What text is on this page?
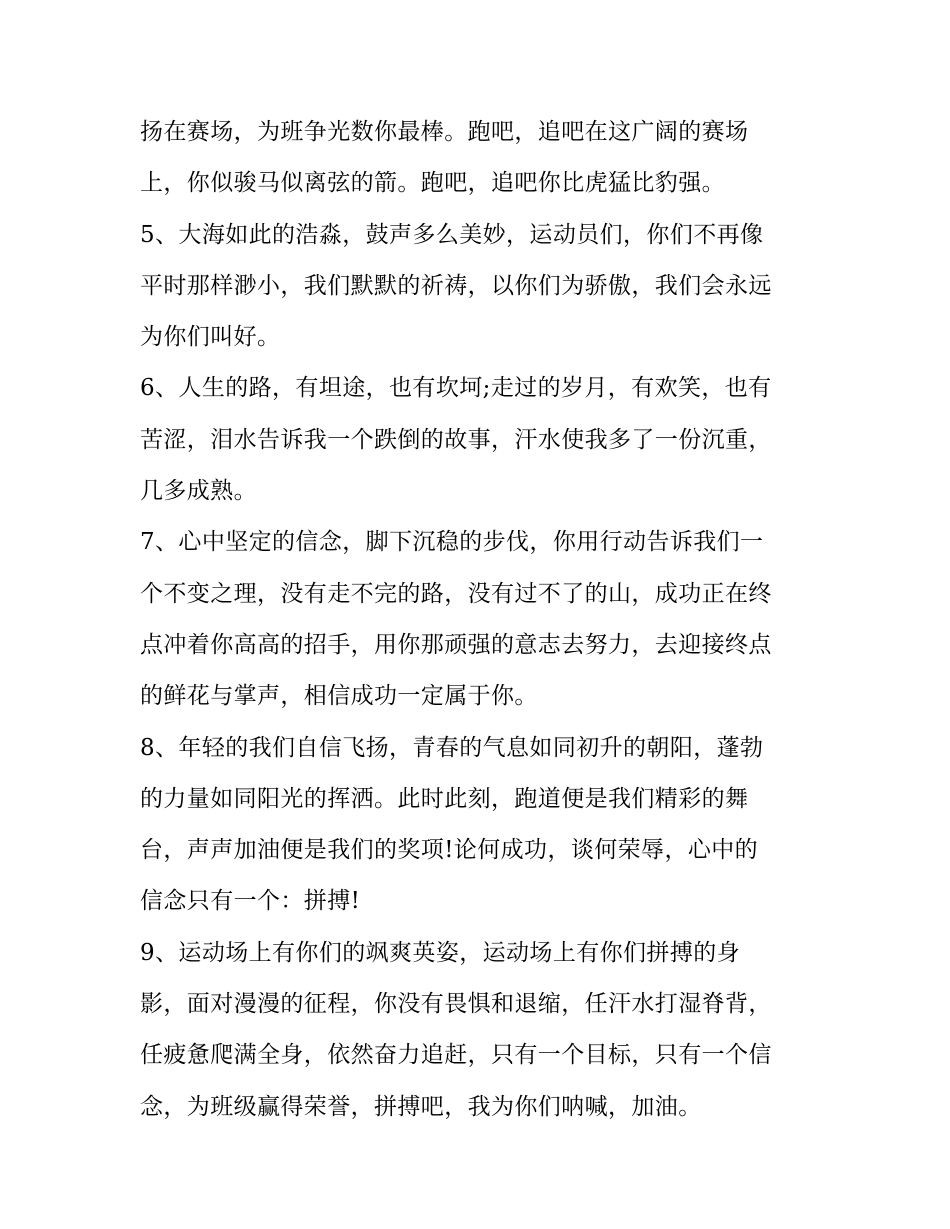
扬在赛场，为班争光数你最棒。跑吧，追吧在这广阔的赛场
上，你似骏马似离弦的箭。跑吧，追吧你比虎猛比豹强。
5、大海如此的浩淼，鼓声多么美妙，运动员们，你们不再像
平时那样渺小，我们默默的祈祷，以你们为骄傲，我们会永远
为你们叫好。
6、人生的路，有坦途，也有坎坷;走过的岁月，有欢笑，也有
苦涩，泪水告诉我一个跌倒的故事，汗水使我多了一份沉重，
几多成熟。
7、心中坚定的信念，脚下沉稳的步伐，你用行动告诉我们一
个不变之理，没有走不完的路，没有过不了的山，成功正在终
点冲着你高高的招手，用你那顽强的意志去努力，去迎接终点
的鲜花与掌声，相信成功一定属于你。
8、年轻的我们自信飞扬，青春的气息如同初升的朝阳，蓬勃
的力量如同阳光的挥洒。此时此刻，跑道便是我们精彩的舞
台，声声加油便是我们的奖项!论何成功，谈何荣辱，心中的
信念只有一个：拼搏!
9、运动场上有你们的飒爽英姿，运动场上有你们拼搏的身
影，面对漫漫的征程，你没有畏惧和退缩，任汗水打湿脊背，
任疲惫爬满全身，依然奋力追赶，只有一个目标，只有一个信
念，为班级赢得荣誉，拼搏吧，我为你们呐喊，加油。
